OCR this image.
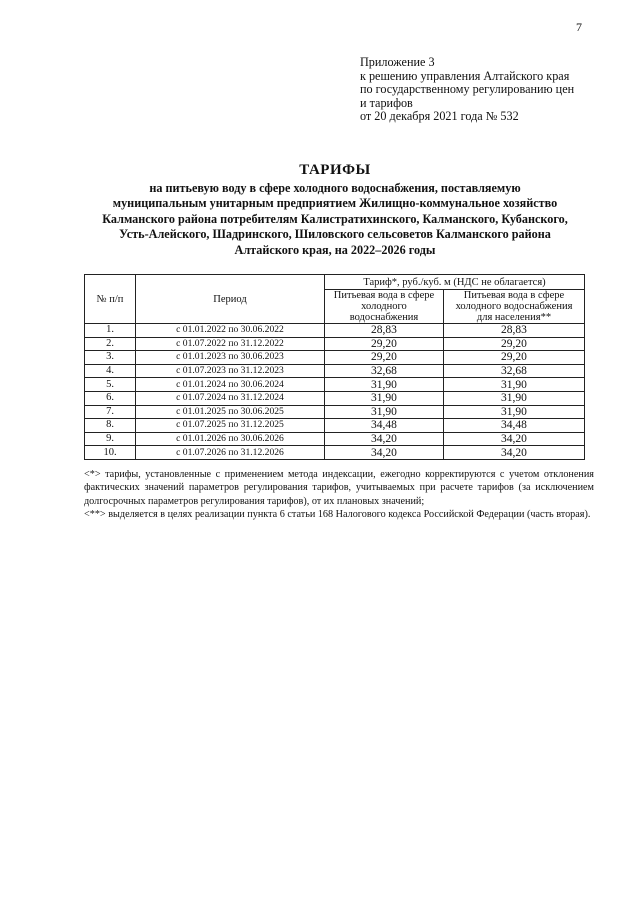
7
Приложение 3
к решению управления Алтайского края
по государственному регулированию цен
и тарифов
от 20 декабря 2021 года № 532
ТАРИФЫ
на питьевую воду в сфере холодного водоснабжения, поставляемую
муниципальным унитарным предприятием Жилищно-коммунальное хозяйство
Калманского района потребителям Калистратихинского, Калманского, Кубанского,
Усть-Алейского, Шадринского, Шиловского сельсоветов Калманского района
Алтайского края, на 2022–2026 годы
№ п/п	Период	Тариф*, руб./куб. м (НДС не облагается)	
		Питьевая вода в сфере холодного водоснабжения	Питьевая вода в сфере холодного водоснабжения для населения**
1.	с 01.01.2022 по 30.06.2022	28,83	28,83
2.	с 01.07.2022 по 31.12.2022	29,20	29,20
3.	с 01.01.2023 по 30.06.2023	29,20	29,20
4.	с 01.07.2023 по 31.12.2023	32,68	32,68
5.	с 01.01.2024 по 30.06.2024	31,90	31,90
6.	с 01.07.2024 по 31.12.2024	31,90	31,90
7.	с 01.01.2025 по 30.06.2025	31,90	31,90
8.	с 01.07.2025 по 31.12.2025	34,48	34,48
9.	с 01.01.2026 по 30.06.2026	34,20	34,20
10.	с 01.07.2026 по 31.12.2026	34,20	34,20

<*> тарифы, установленные с применением метода индексации, ежегодно корректируются с учетом отклонения фактических значений параметров регулирования тарифов, учитываемых при расчете тарифов (за исключением долгосрочных параметров регулирования тарифов), от их плановых значений;

<**> выделяется в целях реализации пункта 6 статьи 168 Налогового кодекса Российской Федерации (часть вторая).
